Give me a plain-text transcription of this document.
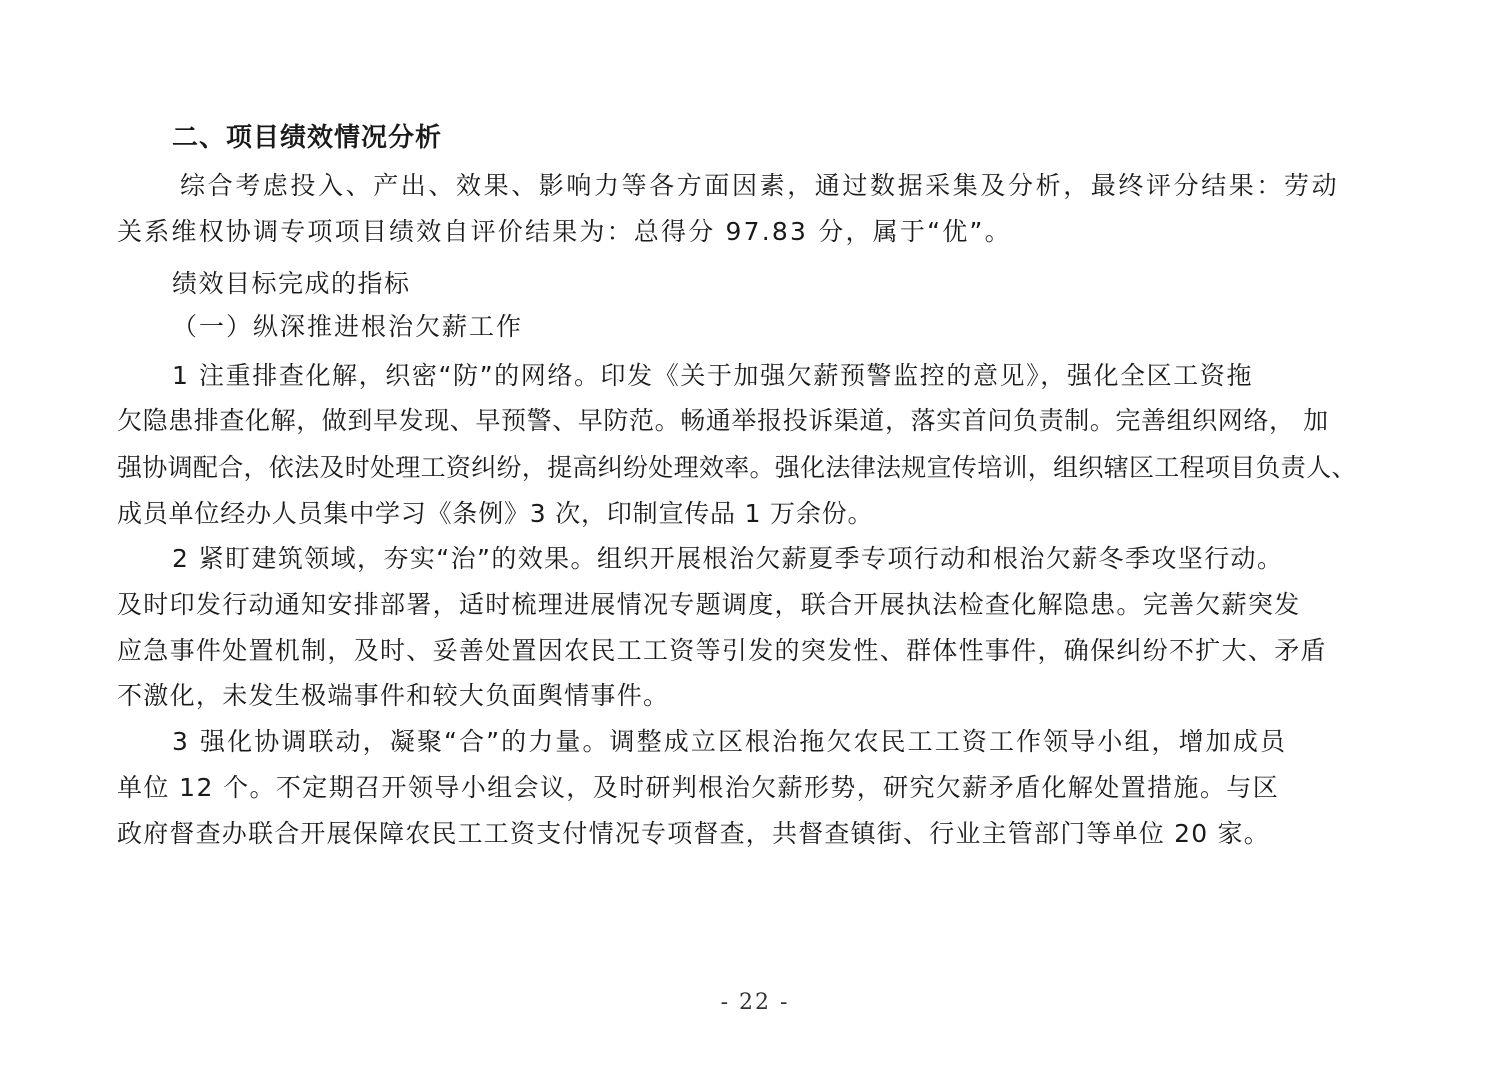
二、项目绩效情况分析
综合考虑投入、产出、效果、影响力等各方面因素，通过数据采集及分析，最终评分结果：劳动
关系维权协调专项项目绩效自评价结果为：总得分 97.83 分，属于“优”。
绩效目标完成的指标
（一）纵深推进根治欠薪工作
1 注重排查化解，织密“防”的网络。印发《关于加强欠薪预警监控的意见》，强化全区工资拖
欠隐患排查化解，做到早发现、早预警、早防范。畅通举报投诉渠道，落实首问负责制。完善组织网络， 加
强协调配合，依法及时处理工资纠纷，提高纠纷处理效率。强化法律法规宣传培训，组织辖区工程项目负责人、
成员单位经办人员集中学习《条例》3 次，印制宣传品 1 万余份。
2 紧盯建筑领域，夯实“治”的效果。组织开展根治欠薪夏季专项行动和根治欠薪冬季攻坚行动。
及时印发行动通知安排部署，适时梳理进展情况专题调度，联合开展执法检查化解隐患。完善欠薪突发
应急事件处置机制，及时、妥善处置因农民工工资等引发的突发性、群体性事件，确保纠纷不扩大、矛盾
不激化，未发生极端事件和较大负面舆情事件。
3 强化协调联动，凝聚“合”的力量。调整成立区根治拖欠农民工工资工作领导小组，增加成员
单位 12 个。不定期召开领导小组会议，及时研判根治欠薪形势，研究欠薪矛盾化解处置措施。与区
政府督查办联合开展保障农民工工资支付情况专项督查，共督查镇街、行业主管部门等单位 20 家。
- 22 -
